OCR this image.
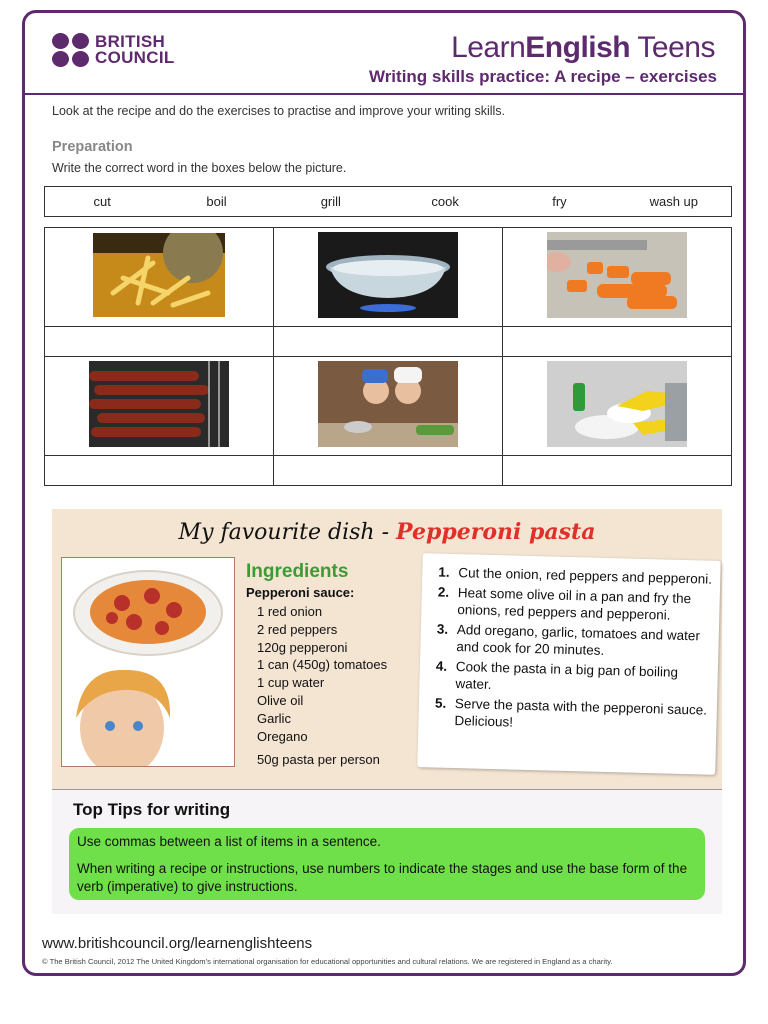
BRITISH
COUNCIL	LearnEnglish Teens
Writing skills practice: A recipe – exercises
Look at the recipe and do the exercises to practise and improve your writing skills.
Preparation
Write the correct word in the boxes below the picture.
cut	boil	grill	cook	fry	wash up

My favourite dish - Pepperoni pasta
Ingredients
Pepperoni sauce:
1 red onion
2 red peppers
120g pepperoni
1 can (450g) tomatoes
1 cup water
Olive oil
Garlic
Oregano
50g pasta per person
1. Cut the onion, red peppers and pepperoni.
2. Heat some olive oil in a pan and fry the onions, red peppers and pepperoni.
3. Add oregano, garlic, tomatoes and water and cook for 20 minutes.
4. Cook the pasta in a big pan of boiling water.
5. Serve the pasta with the pepperoni sauce. Delicious!
Top Tips for writing

Use commas between a list of items in a sentence.

When writing a recipe or instructions, use numbers to indicate the stages and use the base form of the verb (imperative) to give instructions.

www.britishcouncil.org/learnenglishteens
© The British Council, 2012 The United Kingdom’s international organisation for educational opportunities and cultural relations. We are registered in England as a charity.
